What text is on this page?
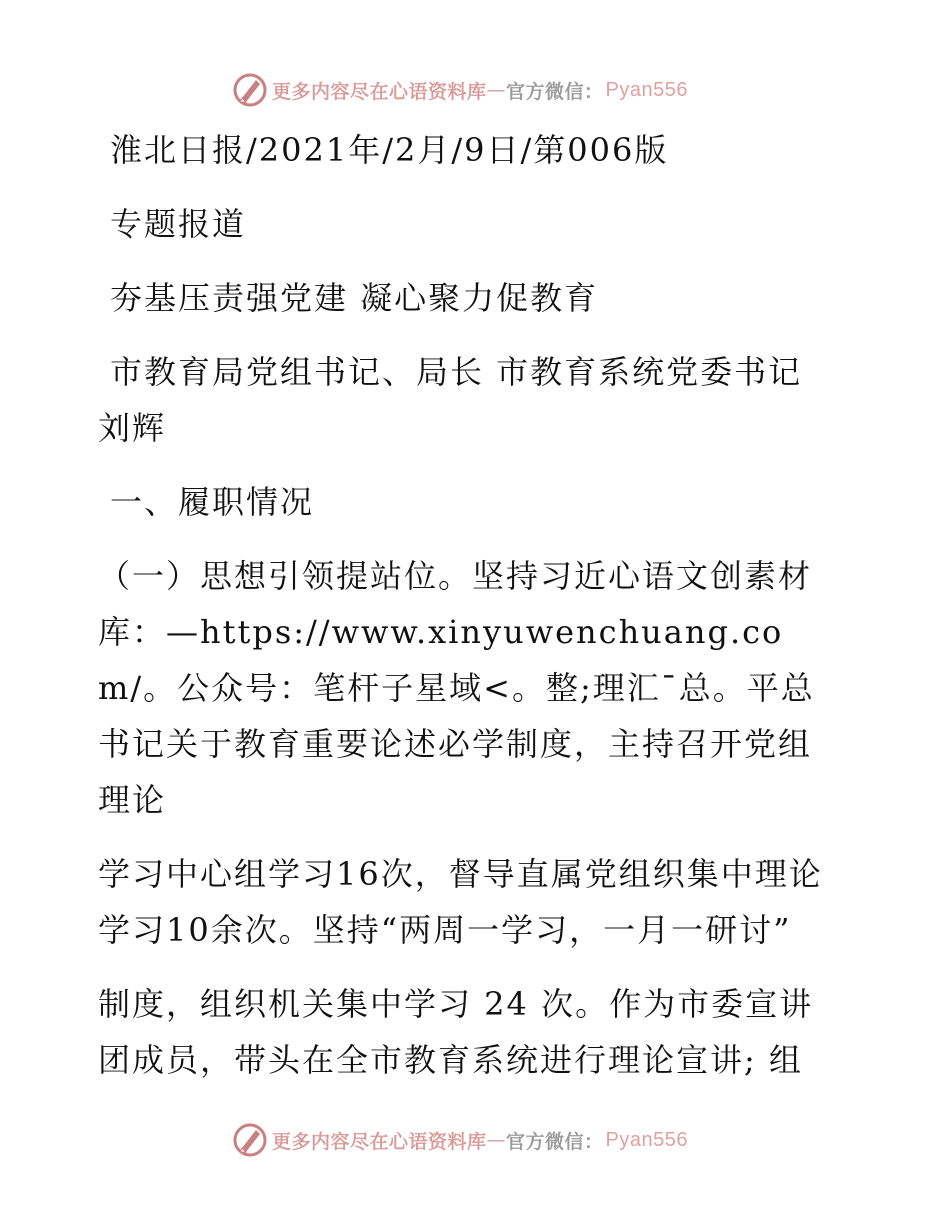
更多内容尽在心语资料库 — 官方微信： Pyan556

淮北日报/2021年/2月/9日/第006版

专题报道

夯基压责强党建 凝心聚力促教育

市教育局党组书记、局长 市教育系统党委书记

刘辉

一、履职情况

（一）思想引领提站位。坚持习近心语文创素材库：—https://www.xinyuwenchuang.com/。公众号：笔杆子星域<。整;理汇¯总。平总书记关于教育重要论述必学制度，主持召开党组理论

学习中心组学习16次，督导直属党组织集中理论学习10余次。坚持“两周一学习，一月一研讨”

制度，组织机关集中学习 24 次。作为市委宣讲团成员，带头在全市教育系统进行理论宣讲; 组

更多内容尽在心语资料库 — 官方微信： Pyan556
